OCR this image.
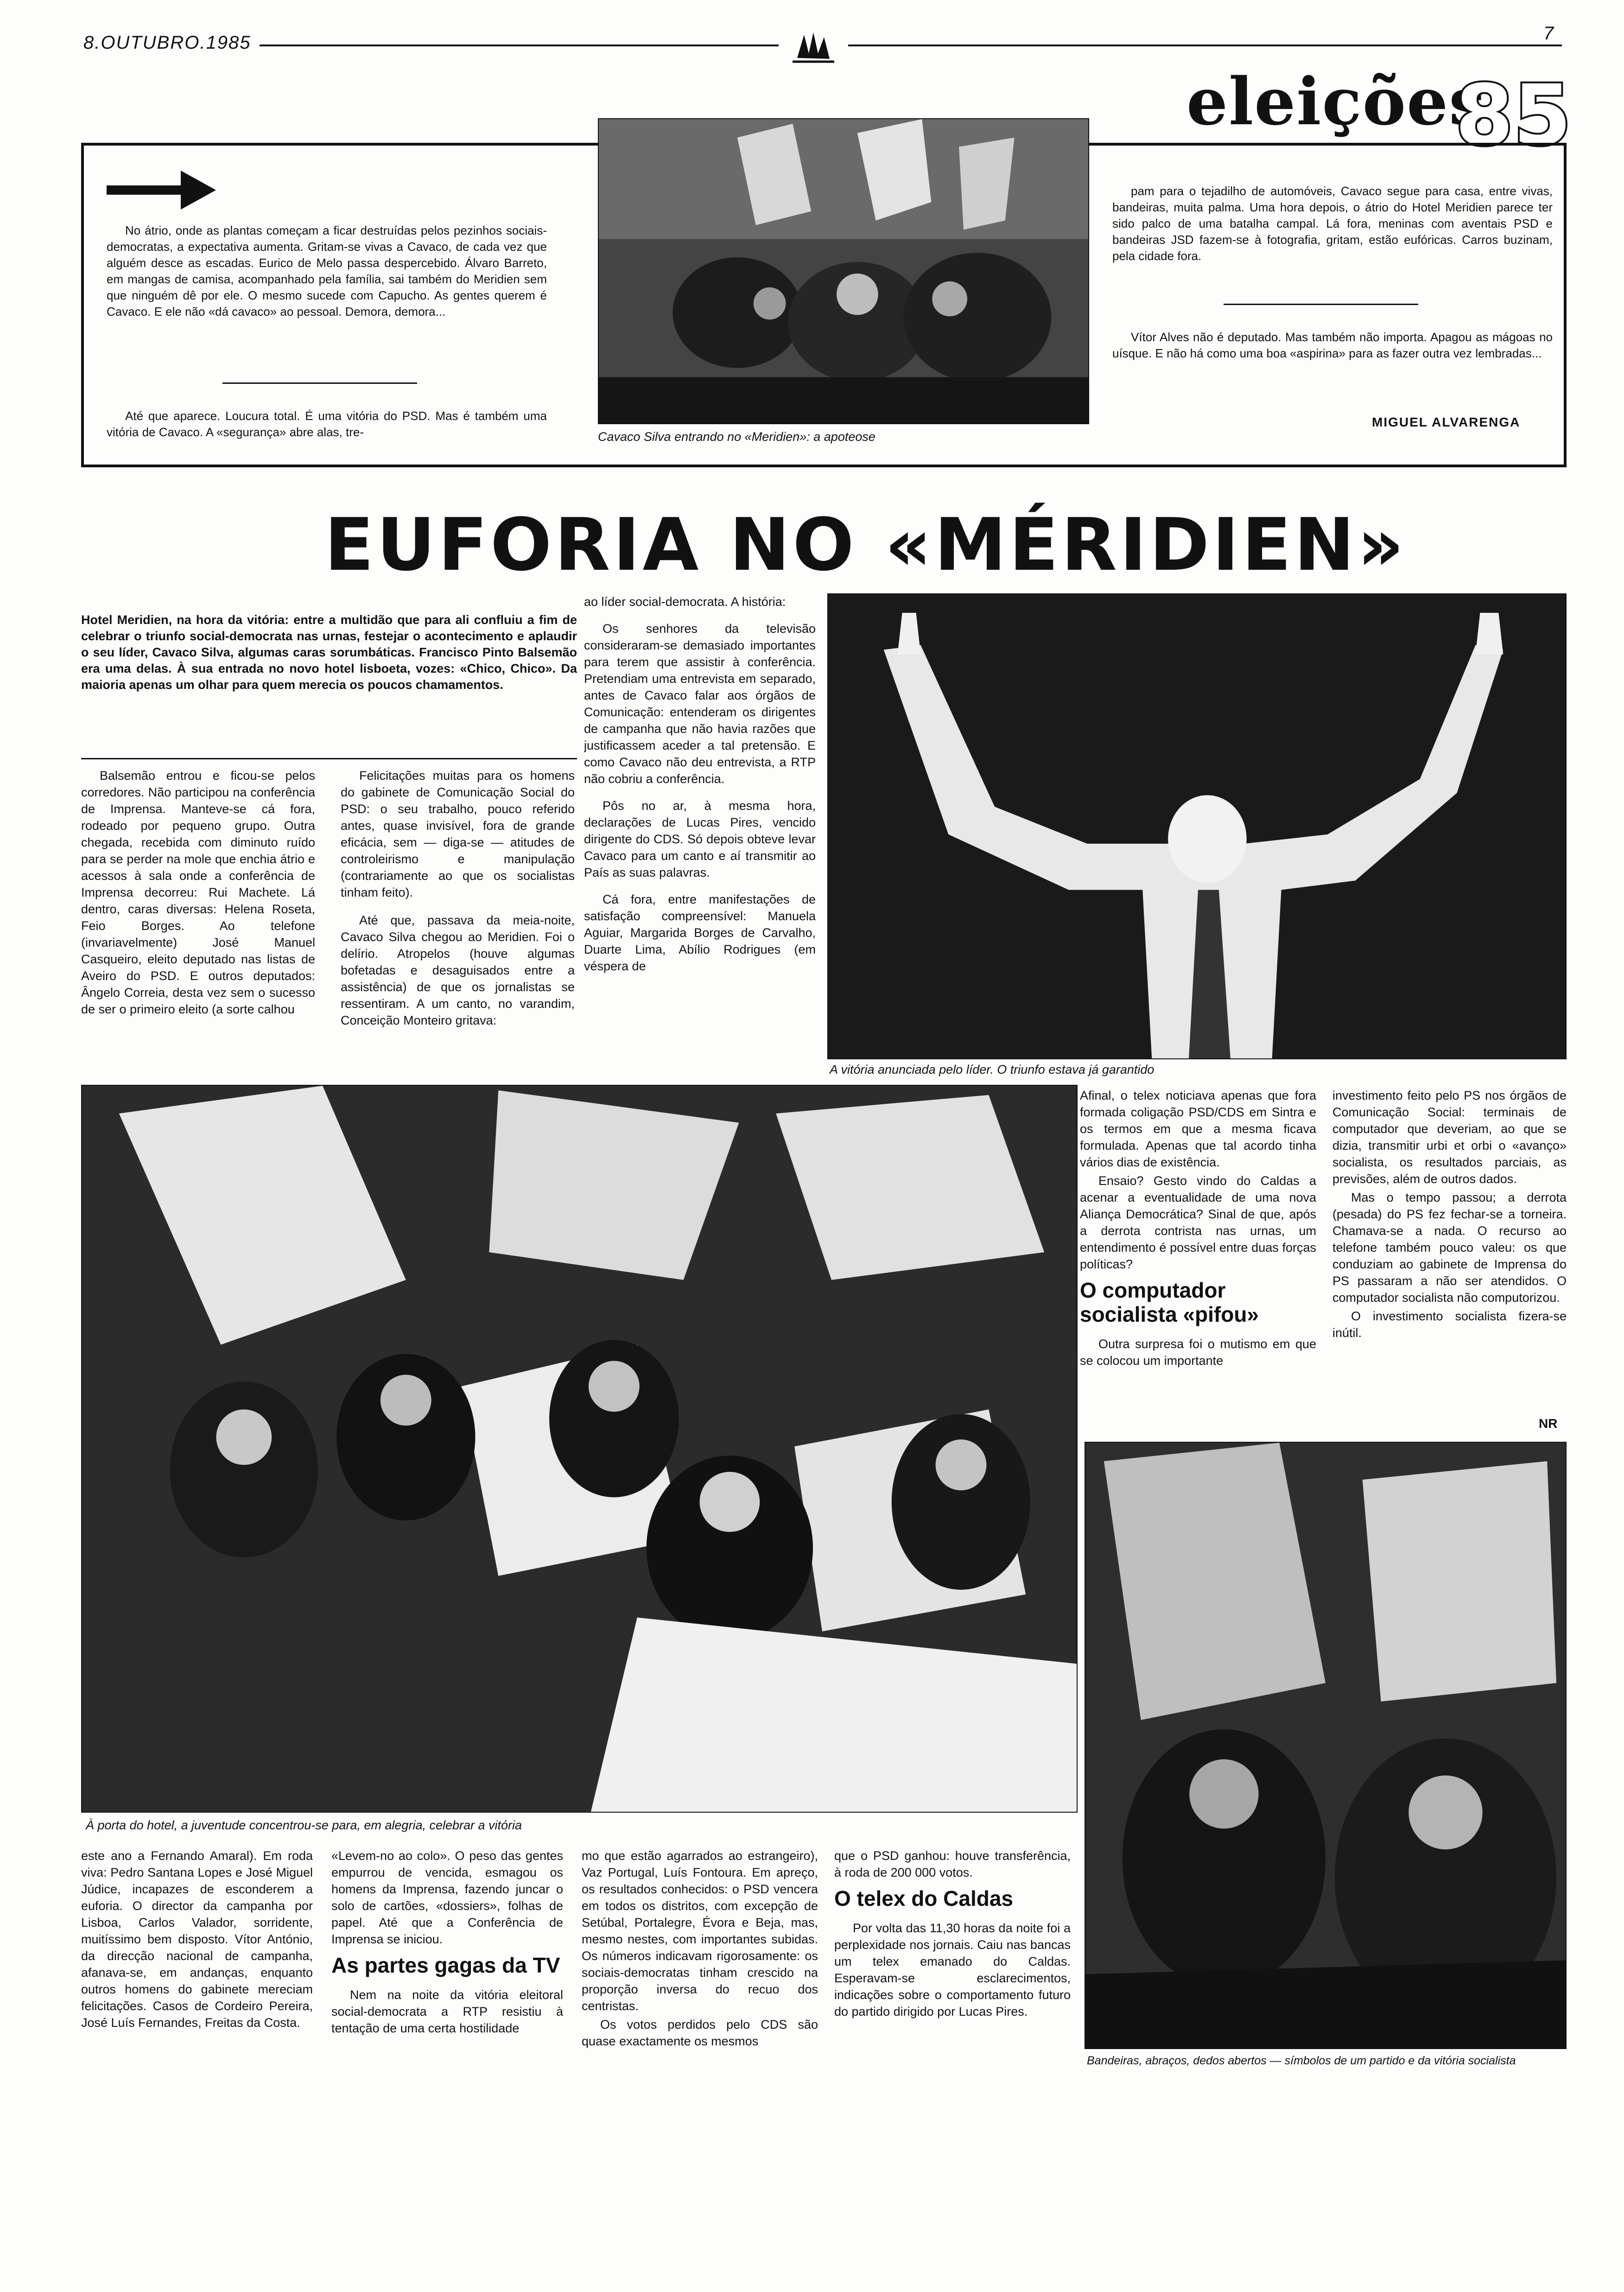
8.OUTUBRO.1985	7
eleições
85

No átrio, onde as plantas começam a ficar destruídas pelos pezinhos sociais-democratas, a expectativa aumenta. Gritam-se vivas a Cavaco, de cada vez que alguém desce as escadas. Eurico de Melo passa despercebido. Álvaro Barreto, em mangas de camisa, acompanhado pela família, sai também do Meridien sem que ninguém dê por ele. O mesmo sucede com Capucho. As gentes querem é Cavaco. E ele não «dá cavaco» ao pessoal. Demora, demora...

Até que aparece. Loucura total. É uma vitória do PSD. Mas é também uma vitória de Cavaco. A «segurança» abre alas, tre-	Cavaco Silva entrando no «Meridien»: a apoteose

pam para o tejadilho de automóveis, Cavaco segue para casa, entre vivas, bandeiras, muita palma. Uma hora depois, o átrio do Hotel Meridien parece ter sido palco de uma batalha campal. Lá fora, meninas com aventais PSD e bandeiras JSD fazem-se à fotografia, gritam, estão eufóricas. Carros buzinam, pela cidade fora.

Vítor Alves não é deputado. Mas também não importa. Apagou as mágoas no uísque. E não há como uma boa «aspirina» para as fazer outra vez lembradas...

MIGUEL ALVARENGA
EUFORIA NO «MÉRIDIEN»
Hotel Meridien, na hora da vitória: entre a multidão que para ali confluiu a fim de celebrar o triunfo social-democrata nas urnas, festejar o acontecimento e aplaudir o seu líder, Cavaco Silva, algumas caras sorumbáticas. Francisco Pinto Balsemão era uma delas. À sua entrada no novo hotel lisboeta, vozes: «Chico, Chico». Da maioria apenas um olhar para quem merecia os poucos chamamentos.

Balsemão entrou e ficou-se pelos corredores. Não participou na conferência de Imprensa. Manteve-se cá fora, rodeado por pequeno grupo. Outra chegada, recebida com diminuto ruído para se perder na mole que enchia átrio e acessos à sala onde a conferência de Imprensa decorreu: Rui Machete. Lá dentro, caras diversas: Helena Roseta, Feio Borges. Ao telefone (invariavelmente) José Manuel Casqueiro, eleito deputado nas listas de Aveiro do PSD. E outros deputados: Ângelo Correia, desta vez sem o sucesso de ser o primeiro eleito (a sorte calhou

Felicitações muitas para os homens do gabinete de Comunicação Social do PSD: o seu trabalho, pouco referido antes, quase invisível, fora de grande eficácia, sem — diga-se — atitudes de controleirismo e manipulação (contrariamente ao que os socialistas tinham feito).

Até que, passava da meia-noite, Cavaco Silva chegou ao Meridien. Foi o delírio. Atropelos (houve algumas bofetadas e desaguisados entre a assistência) de que os jornalistas se ressentiram. A um canto, no varandim, Conceição Monteiro gritava:

ao líder social-democrata. A história:

Os senhores da televisão consideraram-se demasiado importantes para terem que assistir à conferência. Pretendiam uma entrevista em separado, antes de Cavaco falar aos órgãos de Comunicação: entenderam os dirigentes de campanha que não havia razões que justificassem aceder a tal pretensão. E como Cavaco não deu entrevista, a RTP não cobriu a conferência.

Pôs no ar, à mesma hora, declarações de Lucas Pires, vencido dirigente do CDS. Só depois obteve levar Cavaco para um canto e aí transmitir ao País as suas palavras.

Cá fora, entre manifestações de satisfação compreensível: Manuela Aguiar, Margarida Borges de Carvalho, Duarte Lima, Abílio Rodrigues (em véspera de

A vitória anunciada pelo líder. O triunfo estava já garantido
À porta do hotel, a juventude concentrou-se para, em alegria, celebrar a vitória

Afinal, o telex noticiava apenas que fora formada coligação PSD/CDS em Sintra e os termos em que a mesma ficava formulada. Apenas que tal acordo tinha vários dias de existência.

Ensaio? Gesto vindo do Caldas a acenar a eventualidade de uma nova Aliança Democrática? Sinal de que, após a derrota contrista nas urnas, um entendimento é possível entre duas forças políticas?

O computador socialista «pifou»

Outra surpresa foi o mutismo em que se colocou um importante

investimento feito pelo PS nos órgãos de Comunicação Social: terminais de computador que deveriam, ao que se dizia, transmitir urbi et orbi o «avanço» socialista, os resultados parciais, as previsões, além de outros dados.

Mas o tempo passou; a derrota (pesada) do PS fez fechar-se a torneira. Chamava-se a nada. O recurso ao telefone também pouco valeu: os que conduziam ao gabinete de Imprensa do PS passaram a não ser atendidos. O computador socialista não computorizou.

O investimento socialista fizera-se inútil.

NR
Bandeiras, abraços, dedos abertos — símbolos de um partido e da vitória socialista

este ano a Fernando Amaral). Em roda viva: Pedro Santana Lopes e José Miguel Júdice, incapazes de esconderem a euforia. O director da campanha por Lisboa, Carlos Valador, sorridente, muitíssimo bem disposto. Vítor António, da direcção nacional de campanha, afanava-se, em andanças, enquanto outros homens do gabinete mereciam felicitações. Casos de Cordeiro Pereira, José Luís Fernandes, Freitas da Costa.

«Levem-no ao colo». O peso das gentes empurrou de vencida, esmagou os homens da Imprensa, fazendo juncar o solo de cartões, «dossiers», folhas de papel. Até que a Conferência de Imprensa se iniciou.

As partes gagas da TV

Nem na noite da vitória eleitoral social-democrata a RTP resistiu à tentação de uma certa hostilidade

mo que estão agarrados ao estrangeiro), Vaz Portugal, Luís Fontoura. Em apreço, os resultados conhecidos: o PSD vencera em todos os distritos, com excepção de Setúbal, Portalegre, Évora e Beja, mas, mesmo nestes, com importantes subidas. Os números indicavam rigorosamente: os sociais-democratas tinham crescido na proporção inversa do recuo dos centristas.

Os votos perdidos pelo CDS são quase exactamente os mesmos

que o PSD ganhou: houve transferência, à roda de 200 000 votos.

O telex do Caldas

Por volta das 11,30 horas da noite foi a perplexidade nos jornais. Caiu nas bancas um telex emanado do Caldas. Esperavam-se esclarecimentos, indicações sobre o comportamento futuro do partido dirigido por Lucas Pires.
